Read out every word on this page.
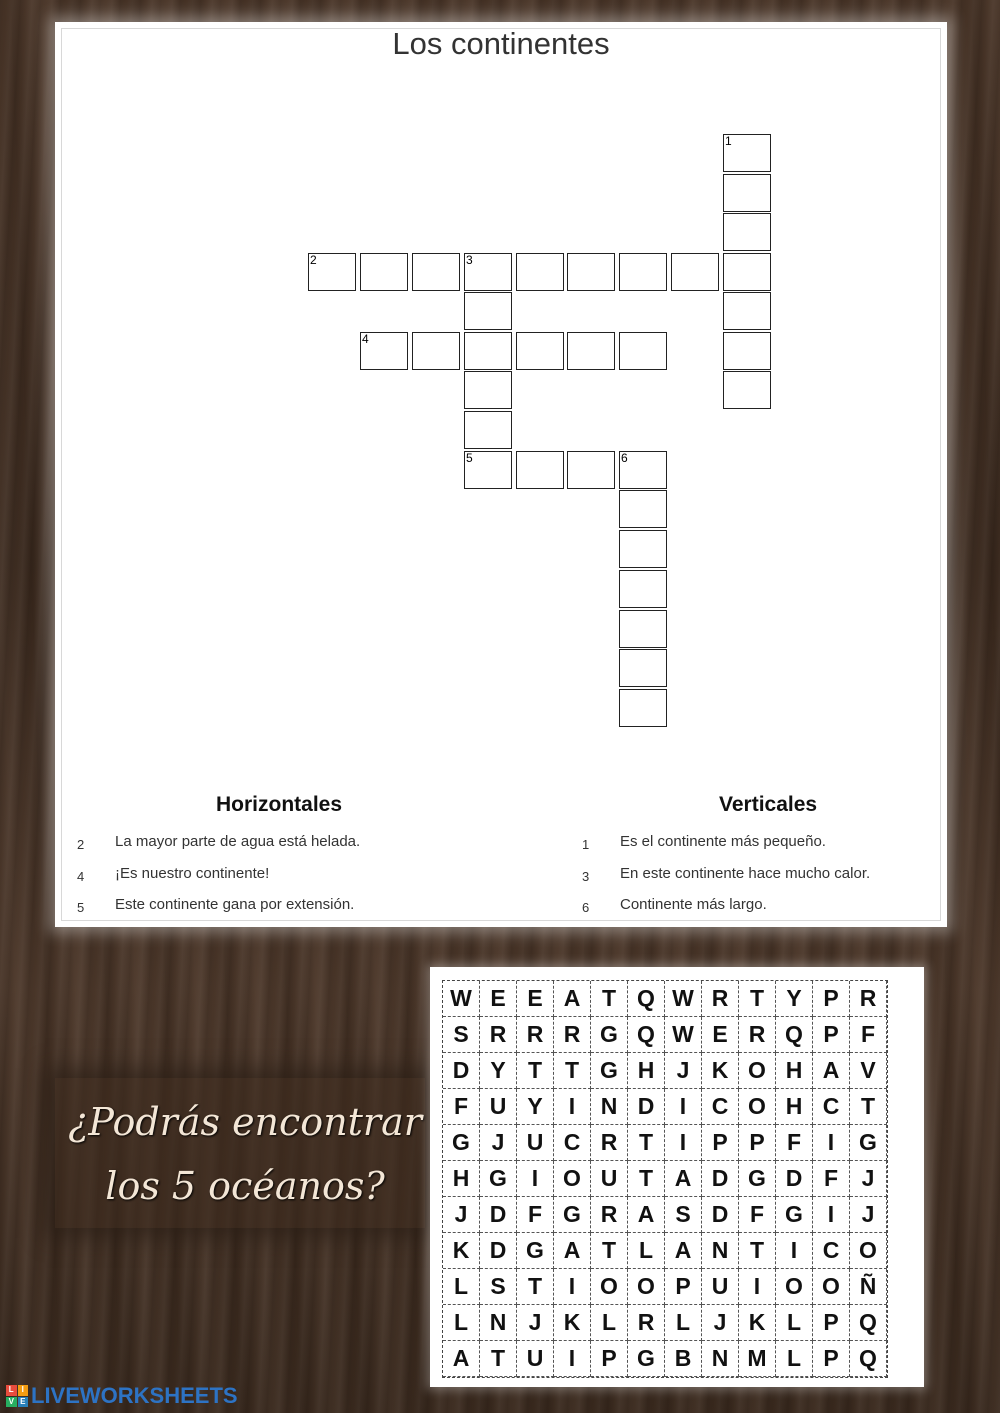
Los continentes
1
2	3
4
5	6
Horizontales	Verticales
2 La mayor parte de agua está helada.
4 ¡Es nuestro continente!
5 Este continente gana por extensión.
1 Es el continente más pequeño.
3 En este continente hace mucho calor.
6 Continente más largo.
¿Podrás encontrar
los 5 océanos?
W E E A T Q W R T Y P R
S R R R G Q W E R Q P F
D Y T T G H J K O H A V
F U Y	I	N D	I	C O H C T
G J U C R T	I	P P F	I	G
H G	I	O U T A D G D F	J
J D F G R A S D F G	I	J
K D G A T L A N T	I	C O
L S T	I	O O P U	I	O O Ñ
L N J K L R L	J K L P Q
A T U	I	P G B N M L P Q
L I
V E LIVEWORKSHEETS
